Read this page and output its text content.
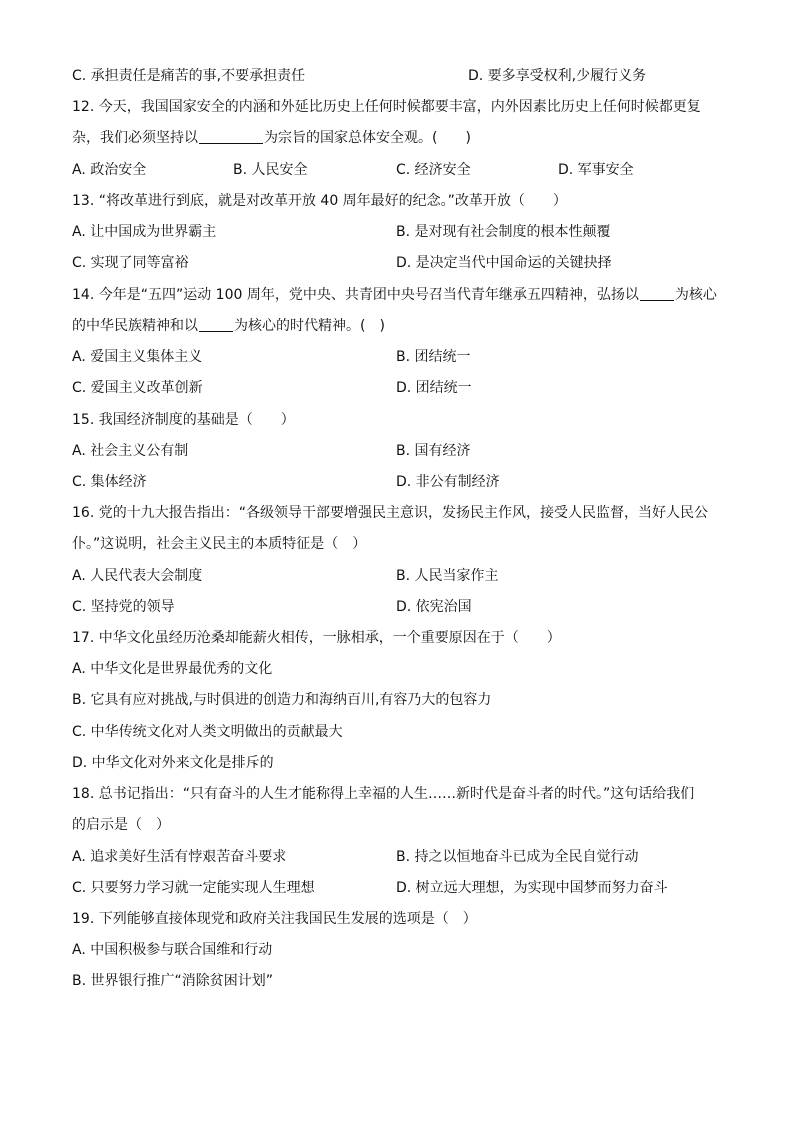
C. 承担责任是痛苦的事,不要承担责任	D. 要多享受权利,少履行义务
12. 今天，我国国家安全的内涵和外延比历史上任何时候都要丰富，内外因素比历史上任何时候都更复
杂，我们必须坚持以	为宗旨的国家总体安全观。(　　)
A. 政治安全	B. 人民安全	C. 经济安全	D. 军事安全
13. “将改革进行到底，就是对改革开放 40 周年最好的纪念。”改革开放（　　）
A. 让中国成为世界霸主	B. 是对现有社会制度的根本性颠覆
C. 实现了同等富裕	D. 是决定当代中国命运的关键抉择
14. 今年是“五四”运动 100 周年，党中央、共青团中央号召当代青年继承五四精神，弘扬以	为核心
的中华民族精神和以	为核心的时代精神。(　)
A. 爱国主义集体主义	B. 团结统一
C. 爱国主义改革创新	D. 团结统一
15. 我国经济制度的基础是（　　）
A. 社会主义公有制	B. 国有经济
C. 集体经济	D. 非公有制经济
16. 党的十九大报告指出：“各级领导干部要增强民主意识，发扬民主作风，接受人民监督，当好人民公
仆。”这说明，社会主义民主的本质特征是（　）
A. 人民代表大会制度	B. 人民当家作主
C. 坚持党的领导	D. 依宪治国
17. 中华文化虽经历沧桑却能薪火相传，一脉相承，一个重要原因在于（　　）
A. 中华文化是世界最优秀的文化
B. 它具有应对挑战,与时俱进的创造力和海纳百川,有容乃大的包容力
C. 中华传统文化对人类文明做出的贡献最大
D. 中华文化对外来文化是排斥的
18. 总书记指出：“只有奋斗的人生才能称得上幸福的人生……新时代是奋斗者的时代。”这句话给我们
的启示是（　）
A. 追求美好生活有悖艰苦奋斗要求	B. 持之以恒地奋斗已成为全民自觉行动
C. 只要努力学习就一定能实现人生理想	D. 树立远大理想，为实现中国梦而努力奋斗
19. 下列能够直接体现党和政府关注我国民生发展的选项是（　）
A. 中国积极参与联合国维和行动
B. 世界银行推广“消除贫困计划”
